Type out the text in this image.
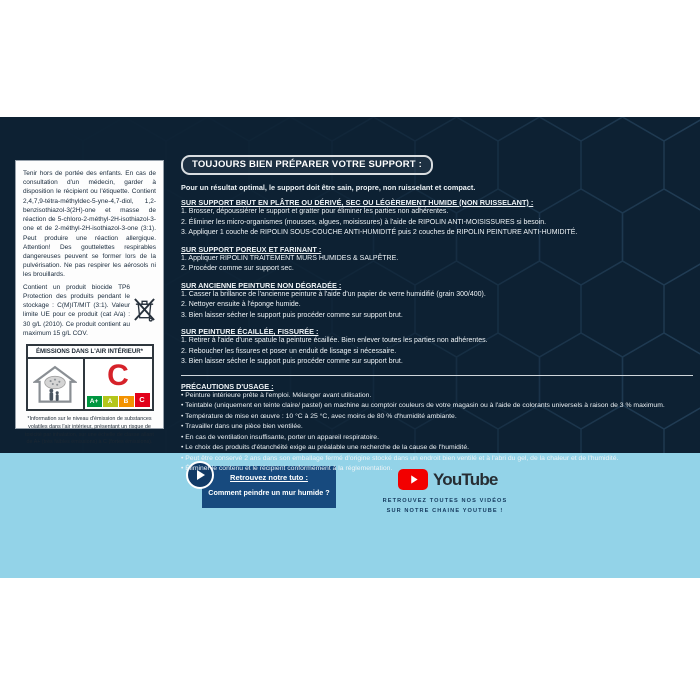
Tenir hors de portée des enfants. En cas de consultation d'un médecin, garder à disposition le récipient ou l'étiquette. Contient 2,4,7,9-tétra-méthyldec-5-yne-4,7-diol, 1,2-benzisothiazol-3(2H)-one et masse de réaction de 5-chloro-2-méthyl-2H-isothiazol-3-one et de 2-méthyl-2H-isothiazol-3-one (3:1). Peut produire une réaction allergique. Attention! Des gouttelettes respirables dangereuses peuvent se former lors de la pulvérisation. Ne pas respirer les aérosols ni les brouillards.

Contient un produit biocide TP6 Protection des produits pendant le stockage : C(M)IT/MIT (3:1). Valeur limite UE pour ce produit (cat A/a) : 30 g/L (2010). Ce produit contient au maximum 15 g/L COV.
ÉMISSIONS DANS L'AIR INTÉRIEUR*
C
A+	A	B	C
*Information sur le niveau d'émission de substances volatiles dans l'air intérieur, présentant un risque de toxicité par inhalation, sur une échelle de classe allant de A+ (très faibles émissions) à C (fortes émissions).
TOUJOURS BIEN PRÉPARER VOTRE SUPPORT :
Pour un résultat optimal, le support doit être sain, propre, non ruisselant et compact.
SUR SUPPORT BRUT EN PLÂTRE OU DÉRIVÉ, SEC OU LÉGÈREMENT HUMIDE (NON RUISSELANT) :
1. Brosser, dépoussiérer le support et gratter pour éliminer les parties non adhérentes.
2. Éliminer les micro-organismes (mousses, algues, moisissures) à l'aide de RIPOLIN ANTI-MOISISSURES si besoin.
3. Appliquer 1 couche de RIPOLIN SOUS-COUCHE ANTI-HUMIDITÉ puis 2 couches de RIPOLIN PEINTURE ANTI-HUMIDITÉ.
SUR SUPPORT POREUX ET FARINANT :
1. Appliquer RIPOLIN TRAITEMENT MURS HUMIDES & SALPÊTRE.
2. Procéder comme sur support sec.
SUR ANCIENNE PEINTURE NON DÉGRADÉE :
1. Casser la brillance de l'ancienne peinture à l'aide d'un papier de verre humidifié (grain 300/400).
2. Nettoyer ensuite à l'éponge humide.
3. Bien laisser sécher le support puis procéder comme sur support brut.
SUR PEINTURE ÉCAILLÉE, FISSURÉE :
1. Retirer à l'aide d'une spatule la peinture écaillée. Bien enlever toutes les parties non adhérentes.
2. Reboucher les fissures et poser un enduit de lissage si nécessaire.
3. Bien laisser sécher le support puis procéder comme sur support brut.
PRÉCAUTIONS D'USAGE :
• Peinture intérieure prête à l'emploi. Mélanger avant utilisation.
• Teintable (uniquement en teinte claire/ pastel) en machine au comptoir couleurs de votre magasin ou à l'aide de colorants universels à raison de 3 % maximum.
• Température de mise en œuvre : 10 °C à 25 °C, avec moins de 80 % d'humidité ambiante.
• Travailler dans une pièce bien ventilée.
• En cas de ventilation insuffisante, porter un appareil respiratoire.
• Le choix des produits d'étanchéité exige au préalable une recherche de la cause de l'humidité.
• Peut être conservé 2 ans dans son emballage fermé d'origine stocké dans un endroit bien ventilé et à l'abri du gel, de la chaleur et de l'humidité.
• Éliminer le contenu et le récipient conformément à la réglementation.
Retrouvez notre tuto :
Comment peindre un mur humide ?
YouTube
RETROUVEZ TOUTES NOS VIDÉOS
SUR NOTRE CHAINE YOUTUBE !
